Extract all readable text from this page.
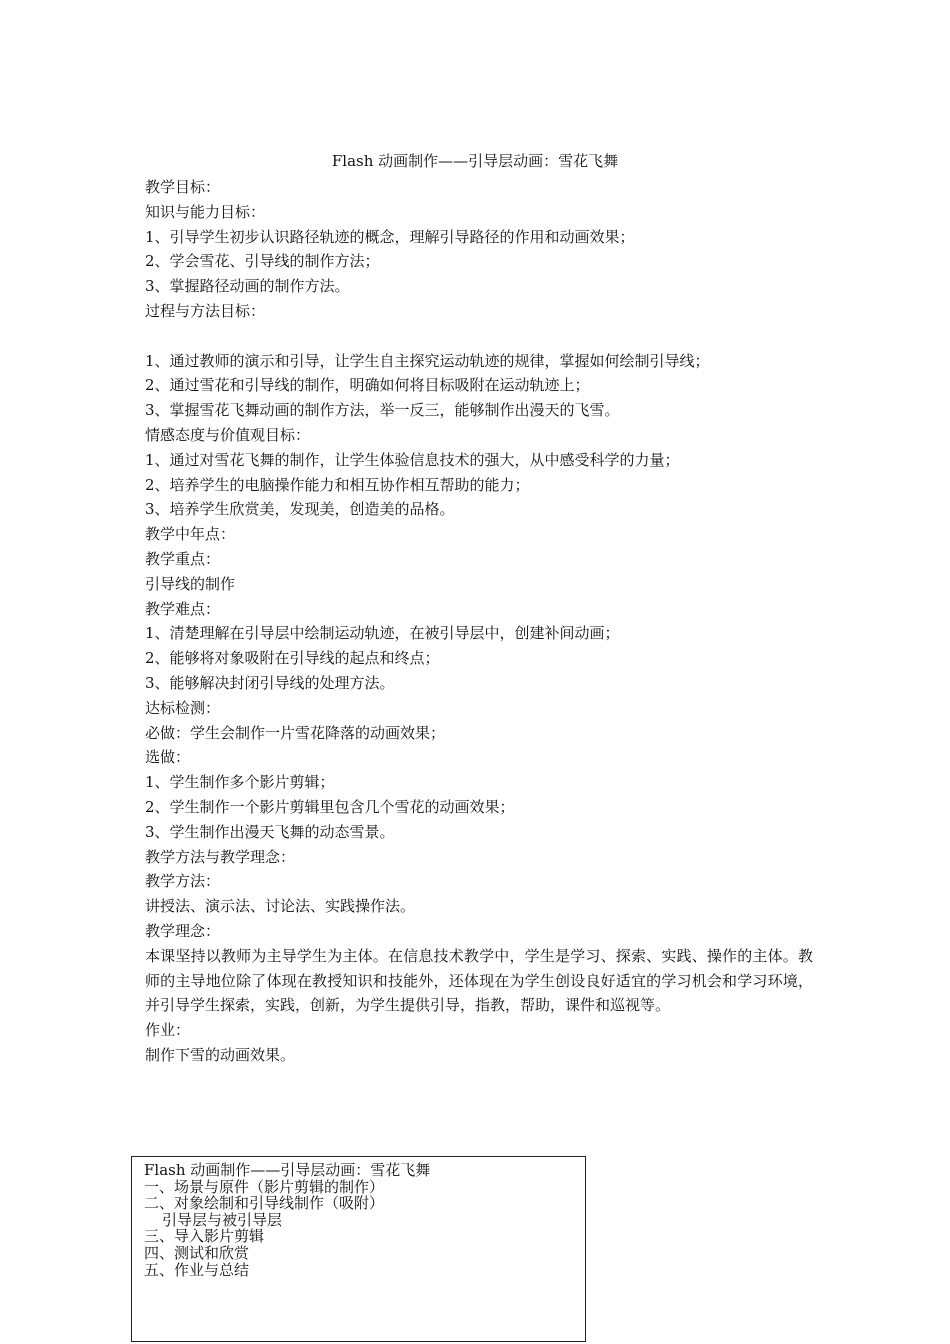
Flash 动画制作——引导层动画：雪花飞舞
教学目标：
知识与能力目标：
1、引导学生初步认识路径轨迹的概念，理解引导路径的作用和动画效果；
2、学会雪花、引导线的制作方法；
3、掌握路径动画的制作方法。
过程与方法目标：
1、通过教师的演示和引导，让学生自主探究运动轨迹的规律，掌握如何绘制引导线；
2、通过雪花和引导线的制作，明确如何将目标吸附在运动轨迹上；
3、掌握雪花飞舞动画的制作方法，举一反三，能够制作出漫天的飞雪。
情感态度与价值观目标：
1、通过对雪花飞舞的制作，让学生体验信息技术的强大，从中感受科学的力量；
2、培养学生的电脑操作能力和相互协作相互帮助的能力；
3、培养学生欣赏美，发现美，创造美的品格。
教学中年点：
教学重点：
引导线的制作
教学难点：
1、清楚理解在引导层中绘制运动轨迹，在被引导层中，创建补间动画；
2、能够将对象吸附在引导线的起点和终点；
3、能够解决封闭引导线的处理方法。
达标检测：
必做：学生会制作一片雪花降落的动画效果；
选做：
1、学生制作多个影片剪辑；
2、学生制作一个影片剪辑里包含几个雪花的动画效果；
3、学生制作出漫天飞舞的动态雪景。
教学方法与教学理念：
教学方法：
讲授法、演示法、讨论法、实践操作法。
教学理念：
本课坚持以教师为主导学生为主体。在信息技术教学中，学生是学习、探索、实践、操作的主体。教师的主导地位除了体现在教授知识和技能外，还体现在为学生创设良好适宜的学习机会和学习环境，并引导学生探索，实践，创新，为学生提供引导，指教，帮助，课件和巡视等。
作业：
制作下雪的动画效果。
Flash 动画制作——引导层动画：雪花飞舞
一、场景与原件（影片剪辑的制作）
二、对象绘制和引导线制作（吸附）
引导层与被引导层
三、导入影片剪辑
四、测试和欣赏
五、作业与总结
